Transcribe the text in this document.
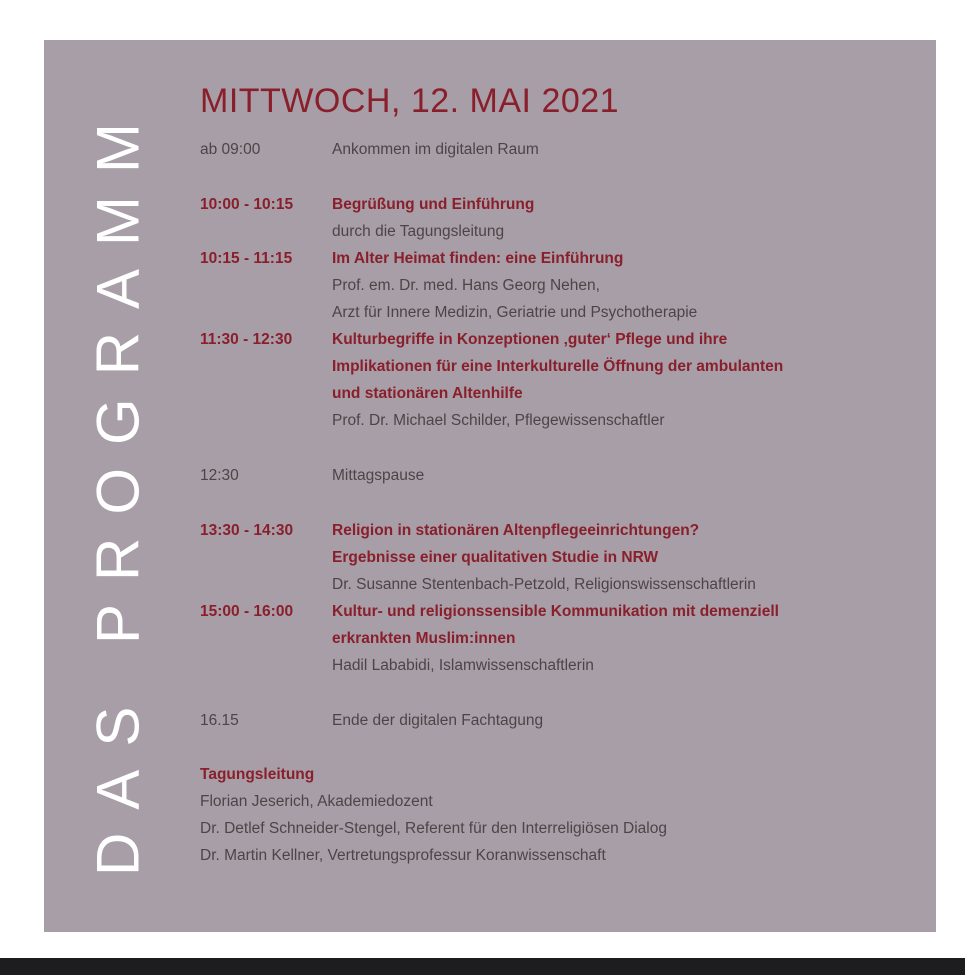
DAS PROGRAMM MITTWOCH, 12. MAI 2021
ab 09:00	Ankommen im digitalen Raum
10:00 - 10:15	Begrüßung und Einführung
durch die Tagungsleitung
10:15 - 11:15	Im Alter Heimat finden: eine Einführung
Prof. em. Dr. med. Hans Georg Nehen,
Arzt für Innere Medizin, Geriatrie und Psychotherapie
11:30 - 12:30	Kulturbegriffe in Konzeptionen ‚guter‘ Pflege und ihre
Implikationen für eine Interkulturelle Öffnung der ambulanten
und stationären Altenhilfe
Prof. Dr. Michael Schilder, Pflegewissenschaftler
12:30	Mittagspause
13:30 - 14:30	Religion in stationären Altenpflegeeinrichtungen?
Ergebnisse einer qualitativen Studie in NRW
Dr. Susanne Stentenbach-Petzold, Religionswissenschaftlerin
15:00 - 16:00	Kultur- und religionssensible Kommunikation mit demenziell
erkrankten Muslim:innen
Hadil Lababidi, Islamwissenschaftlerin
16.15	Ende der digitalen Fachtagung
Tagungsleitung
Florian Jeserich, Akademiedozent
Dr. Detlef Schneider-Stengel, Referent für den Interreligiösen Dialog
Dr. Martin Kellner, Vertretungsprofessur Koranwissenschaft
